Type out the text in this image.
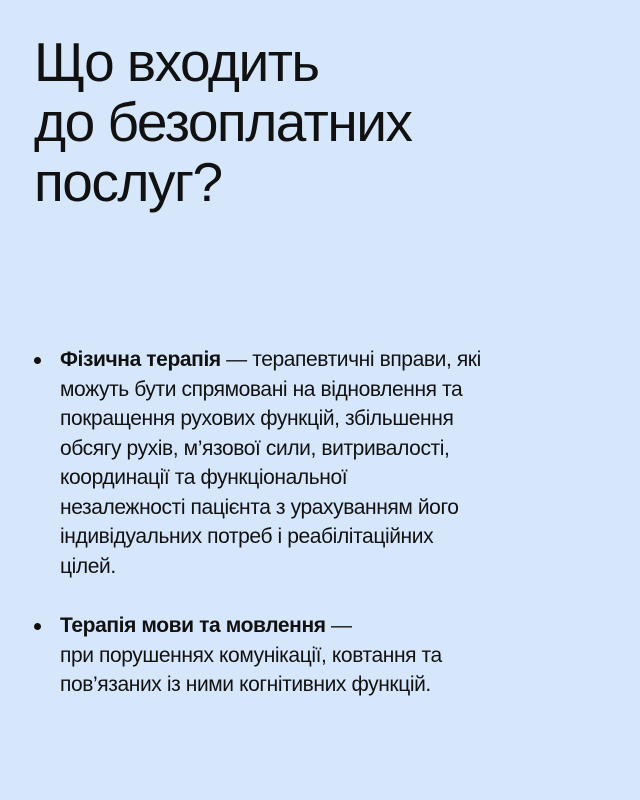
Що входить
до безоплатних
послуг?
Фізична терапія — терапевтичні вправи, які
можуть бути спрямовані на відновлення та
покращення рухових функцій, збільшення
обсягу рухів, м’язової сили, витривалості,
координації та функціональної
незалежності пацієнта з урахуванням його
індивідуальних потреб і реабілітаційних
цілей.
Терапія мови та мовлення —
при порушеннях комунікації, ковтання та
пов’язаних із ними когнітивних функцій.
